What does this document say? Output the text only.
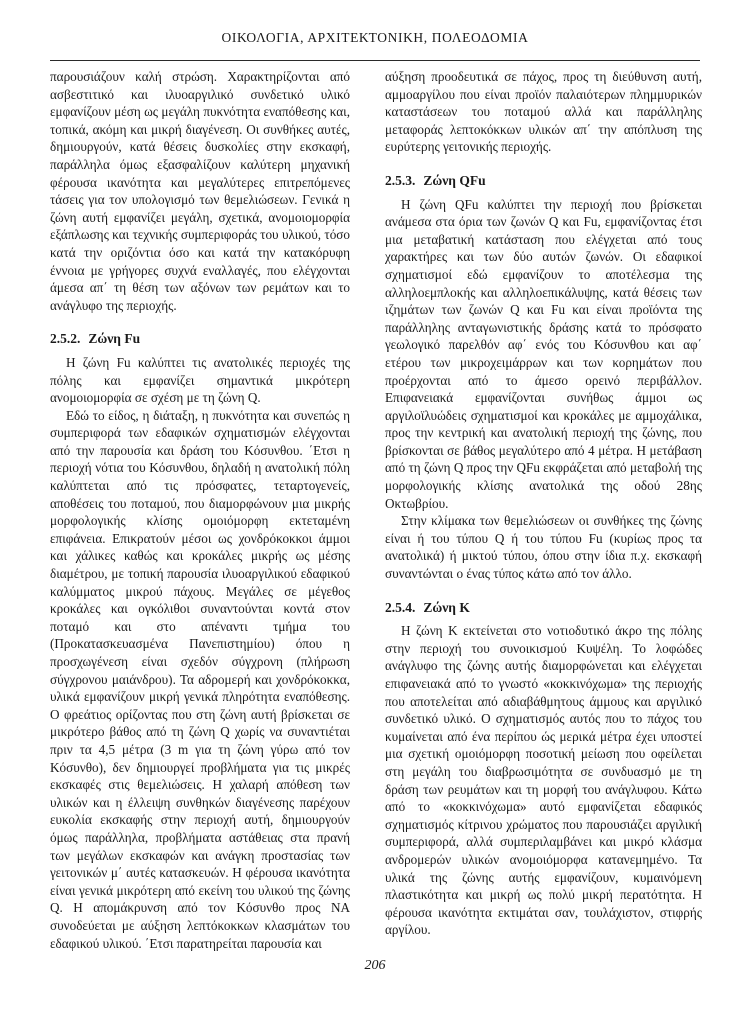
ΟΙΚΟΛΟΓΙΑ, ΑΡΧΙΤΕΚΤΟΝΙΚΗ, ΠΟΛΕΟΔΟΜΙΑ

παρουσιάζουν καλή στρώση. Χαρακτηρίζονται από ασβεστιτικό και ιλυοαργιλικό συνδετικό υλικό εμφανίζουν μέση ως μεγάλη πυκνότητα εναπόθεσης και, τοπικά, ακόμη και μικρή διαγένεση. Οι συνθήκες αυτές, δημιουργούν, κατά θέσεις δυσκολίες στην εκσκαφή, παράλληλα όμως εξασφαλίζουν καλύτερη μηχανική φέρουσα ικανότητα και μεγαλύτερες επιτρεπόμενες τάσεις για τον υπολογισμό των θεμελιώσεων. Γενικά η ζώνη αυτή εμφανίζει μεγάλη, σχετικά, ανομοιομορφία εξάπλωσης και τεχνικής συμπεριφοράς του υλικού, τόσο κατά την οριζόντια όσο και κατά την κατακόρυφη έννοια με γρήγορες συχνά εναλλαγές, που ελέγχονται άμεσα απ΄ τη θέση των αξόνων των ρεμάτων και το ανάγλυφο της περιοχής.

2.5.2. Ζώνη Fu

Η ζώνη Fu καλύπτει τις ανατολικές περιοχές της πόλης και εμφανίζει σημαντικά μικρότερη ανομοιομορφία σε σχέση με τη ζώνη Q.

Εδώ το είδος, η διάταξη, η πυκνότητα και συνεπώς η συμπεριφορά των εδαφικών σχηματισμών ελέγχονται από την παρουσία και δράση του Κόσυνθου. ΄Ετσι η περιοχή νότια του Κόσυνθου, δηλαδή η ανατολική πόλη καλύπτεται από τις πρόσφατες, τεταρτογενείς, αποθέσεις του ποταμού, που διαμορφώνουν μια μικρής μορφολογικής κλίσης ομοιόμορφη εκτεταμένη επιφάνεια. Επικρατούν μέσοι ως χονδρόκοκκοι άμμοι και χάλικες καθώς και κροκάλες μικρής ως μέσης διαμέτρου, με τοπική παρουσία ιλυοαργιλικού εδαφικού καλύμματος μικρού πάχους. Μεγάλες σε μέγεθος κροκάλες και ογκόλιθοι συναντούνται κοντά στον ποταμό και στο απέναντι τμήμα του (Προκατασκευασμένα Πανεπιστημίου) όπου η προσχωγένεση είναι σχεδόν σύγχρονη (πλήρωση σύγχρονου μαιάνδρου). Τα αδρομερή και χονδρόκοκκα, υλικά εμφανίζουν μικρή γενικά πληρότητα εναπόθεσης. Ο φρεάτιος ορίζοντας που στη ζώνη αυτή βρίσκεται σε μικρότερο βάθος από τη ζώνη Q χωρίς να συναντιέται πριν τα 4,5 μέτρα (3 m για τη ζώνη γύρω από τον Κόσυνθο), δεν δημιουργεί προβλήματα για τις μικρές εκσκαφές στις θεμελιώσεις. Η χαλαρή απόθεση των υλικών και η έλλειψη συνθηκών διαγένεσης παρέχουν ευκολία εκσκαφής στην περιοχή αυτή, δημιουργούν όμως παράλληλα, προβλήματα αστάθειας στα πρανή των μεγάλων εκσκαφών και ανάγκη προστασίας των γειτονικών μ΄ αυτές κατασκευών. Η φέρουσα ικανότητα είναι γενικά μικρότερη από εκείνη του υλικού της ζώνης Q. Η απομάκρυνση από τον Κόσυνθο προς ΝΑ συνοδεύεται με αύξηση λεπτόκοκκων κλασμάτων του εδαφικού υλικού. ΄Ετσι παρατηρείται παρουσία και

αύξηση προοδευτικά σε πάχος, προς τη διεύθυνση αυτή, αμμοαργίλου που είναι προϊόν παλαιότερων πλημμυρικών καταστάσεων του ποταμού αλλά και παράλληλης μεταφοράς λεπτοκόκκων υλικών απ΄ την απόπλυση της ευρύτερης γειτονικής περιοχής.

2.5.3. Ζώνη QFu

Η ζώνη QFu καλύπτει την περιοχή που βρίσκεται ανάμεσα στα όρια των ζωνών Q και Fu, εμφανίζοντας έτσι μια μεταβατική κατάσταση που ελέγχεται από τους χαρακτήρες και των δύο αυτών ζωνών. Οι εδαφικοί σχηματισμοί εδώ εμφανίζουν το αποτέλεσμα της αλληλοεμπλοκής και αλληλοεπικάλυψης, κατά θέσεις των ιζημάτων των ζωνών Q και Fu και είναι προϊόντα της παράλληλης ανταγωνιστικής δράσης κατά το πρόσφατο γεωλογικό παρελθόν αφ΄ ενός του Κόσυνθου και αφ΄ ετέρου των μικροχειμάρρων και των κορημάτων που προέρχονται από το άμεσο ορεινό περιβάλλον. Επιφανειακά εμφανίζονται συνήθως άμμοι ως αργιλοϊλυώδεις σχηματισμοί και κροκάλες με αμμοχάλικα, προς την κεντρική και ανατολική περιοχή της ζώνης, που βρίσκονται σε βάθος μεγαλύτερο από 4 μέτρα. Η μετάβαση από τη ζώνη Q προς την QFu εκφράζεται από μεταβολή της μορφολογικής κλίσης ανατολικά της οδού 28ης Οκτωβρίου.

Στην κλίμακα των θεμελιώσεων οι συνθήκες της ζώνης είναι ή του τύπου Q ή του τύπου Fu (κυρίως προς τα ανατολικά) ή μικτού τύπου, όπου στην ίδια π.χ. εκσκαφή συναντώνται ο ένας τύπος κάτω από τον άλλο.

2.5.4. Ζώνη Κ

Η ζώνη Κ εκτείνεται στο νοτιοδυτικό άκρο της πόλης στην περιοχή του συνοικισμού Κυψέλη. Το λοφώδες ανάγλυφο της ζώνης αυτής διαμορφώνεται και ελέγχεται επιφανειακά από το γνωστό «κοκκινόχωμα» της περιοχής που αποτελείται από αδιαβάθμητους άμμους και αργιλικό συνδετικό υλικό. Ο σχηματισμός αυτός που το πάχος του κυμαίνεται από ένα περίπου ώς μερικά μέτρα έχει υποστεί μια σχετική ομοιόμορφη ποσοτική μείωση που οφείλεται στη μεγάλη του διαβρωσιμότητα σε συνδυασμό με τη δράση των ρευμάτων και τη μορφή του ανάγλυφου. Κάτω από το «κοκκινόχωμα» αυτό εμφανίζεται εδαφικός σχηματισμός κίτρινου χρώματος που παρουσιάζει αργιλική συμπεριφορά, αλλά συμπεριλαμβάνει και μικρό κλάσμα ανδρομερών υλικών ανομοιόμορφα κατανεμημένο. Τα υλικά της ζώνης αυτής εμφανίζουν, κυμαινόμενη πλαστικότητα και μικρή ως πολύ μικρή περατότητα. Η φέρουσα ικανότητα εκτιμάται σαν, τουλάχιστον, στιφρής αργίλου.

206
